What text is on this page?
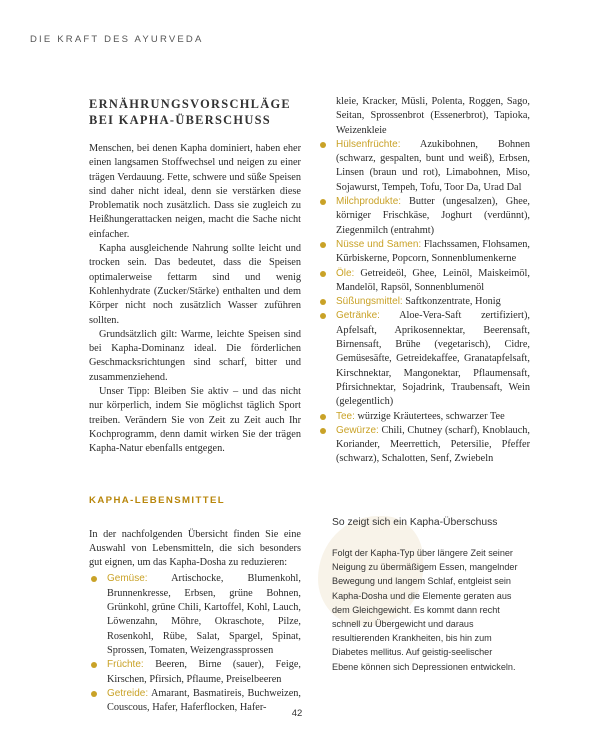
DIE KRAFT DES AYURVEDA
ERNÄHRUNGSVORSCHLÄGE
BEI KAPHA-ÜBERSCHUSS

Menschen, bei denen Kapha dominiert, haben eher einen langsamen Stoffwechsel und neigen zu einer trägen Verdauung. Fette, schwere und süße Speisen sind daher nicht ideal, denn sie verstärken diese Problematik noch zusätzlich. Dass sie zugleich zu Heißhungerattacken neigen, macht die Sache nicht einfacher.

Kapha ausgleichende Nahrung sollte leicht und trocken sein. Das bedeutet, dass die Speisen optimalerweise fettarm sind und wenig Kohlenhydrate (Zucker/Stärke) enthalten und dem Körper nicht noch zusätzlich Wasser zuführen sollten.

Grundsätzlich gilt: Warme, leichte Speisen sind bei Kapha-Dominanz ideal. Die förderlichen Geschmacksrichtungen sind scharf, bitter und zusammenziehend.

Unser Tipp: Bleiben Sie aktiv – und das nicht nur körperlich, indem Sie möglichst täglich Sport treiben. Verändern Sie von Zeit zu Zeit auch Ihr Kochprogramm, denn damit wirken Sie der trägen Kapha-Natur ebenfalls entgegen.

KAPHA-LEBENSMITTEL

In der nachfolgenden Übersicht finden Sie eine Auswahl von Lebensmitteln, die sich besonders gut eignen, um das Kapha-Dosha zu reduzieren:

Gemüse: Artischocke, Blumenkohl, Brunnenkresse, Erbsen, grüne Bohnen, Grünkohl, grüne Chili, Kartoffel, Kohl, Lauch, Löwenzahn, Möhre, Okraschote, Pilze, Rosenkohl, Rübe, Salat, Spargel, Spinat, Sprossen, Tomaten, Weizengrassprossen
Früchte: Beeren, Birne (sauer), Feige, Kirschen, Pfirsich, Pflaume, Preiselbeeren
Getreide: Amarant, Basmatireis, Buchweizen, Couscous, Hafer, Haferflocken, Hafer-

kleie, Kracker, Müsli, Polenta, Roggen, Sago, Seitan, Sprossenbrot (Essenerbrot), Tapioka, Weizenkleie

Hülsenfrüchte: Azukibohnen, Bohnen (schwarz, gespalten, bunt und weiß), Erbsen, Linsen (braun und rot), Limabohnen, Miso, Sojawurst, Tempeh, Tofu, Toor Da, Urad Dal
Milchprodukte: Butter (ungesalzen), Ghee, körniger Frischkäse, Joghurt (verdünnt), Ziegenmilch (entrahmt)
Nüsse und Samen: Flachssamen, Flohsamen, Kürbiskerne, Popcorn, Sonnenblumenkerne
Öle: Getreideöl, Ghee, Leinöl, Maiskeimöl, Mandelöl, Rapsöl, Sonnenblumenöl
Süßungsmittel: Saftkonzentrate, Honig
Getränke: Aloe-Vera-Saft zertifiziert), Apfelsaft, Aprikosennektar, Beerensaft, Birnensaft, Brühe (vegetarisch), Cidre, Gemüsesäfte, Getreidekaffee, Granatapfelsaft, Kirschnektar, Mangonektar, Pflaumensaft, Pfirsichnektar, Sojadrink, Traubensaft, Wein (gelegentlich)
Tee: würzige Kräutertees, schwarzer Tee
Gewürze: Chili, Chutney (scharf), Knoblauch, Koriander, Meerrettich, Petersilie, Pfeffer (schwarz), Schalotten, Senf, Zwiebeln
So zeigt sich ein Kapha-Überschuss

Folgt der Kapha-Typ über längere Zeit seiner Neigung zu übermäßigem Essen, mangelnder Bewegung und langem Schlaf, entgleist sein Kapha-Dosha und die Elemente geraten aus dem Gleichgewicht. Es kommt dann recht schnell zu Übergewicht und daraus resultierenden Krankheiten, bis hin zum Diabetes mellitus. Auf geistig-seelischer Ebene können sich Depressionen entwickeln.

42
